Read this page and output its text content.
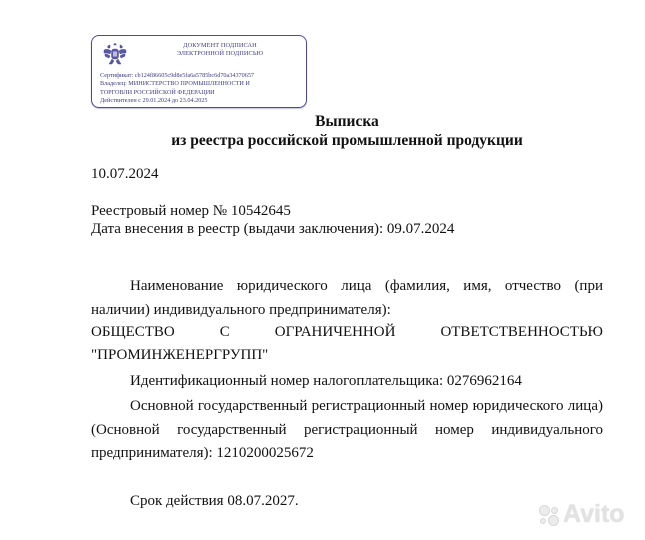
ДОКУМЕНТ ПОДПИСАН
ЭЛЕКТРОННОЙ ПОДПИСЬЮ
Сертификат: cb124f86605c9d8e5fa6a5785bc6d70a34370657
Владелец: МИНИСТЕРСТВО ПРОМЫШЛЕННОСТИ И
ТОРГОВЛИ РОССИЙСКОЙ ФЕДЕРАЦИИ
Действителен с 29.01.2024 до 23.04.2025
Выписка
из реестра российской промышленной продукции
10.07.2024
Реестровый номер № 10542645
Дата внесения в реестр (выдачи заключения): 09.07.2024
Наименование юридического лица (фамилия, имя, отчество (при наличии) индивидуального предпринимателя):
ОБЩЕСТВО	С	ОГРАНИЧЕННОЙ	ОТВЕТСТВЕННОСТЬЮ
"ПРОМИНЖЕНЕРГРУПП"
Идентификационный номер налогоплательщика: 0276962164
Основной государственный регистрационный номер юридического лица) (Основной государственный регистрационный номер индивидуального предпринимателя): 1210200025672
Срок действия 08.07.2027.	Avito
